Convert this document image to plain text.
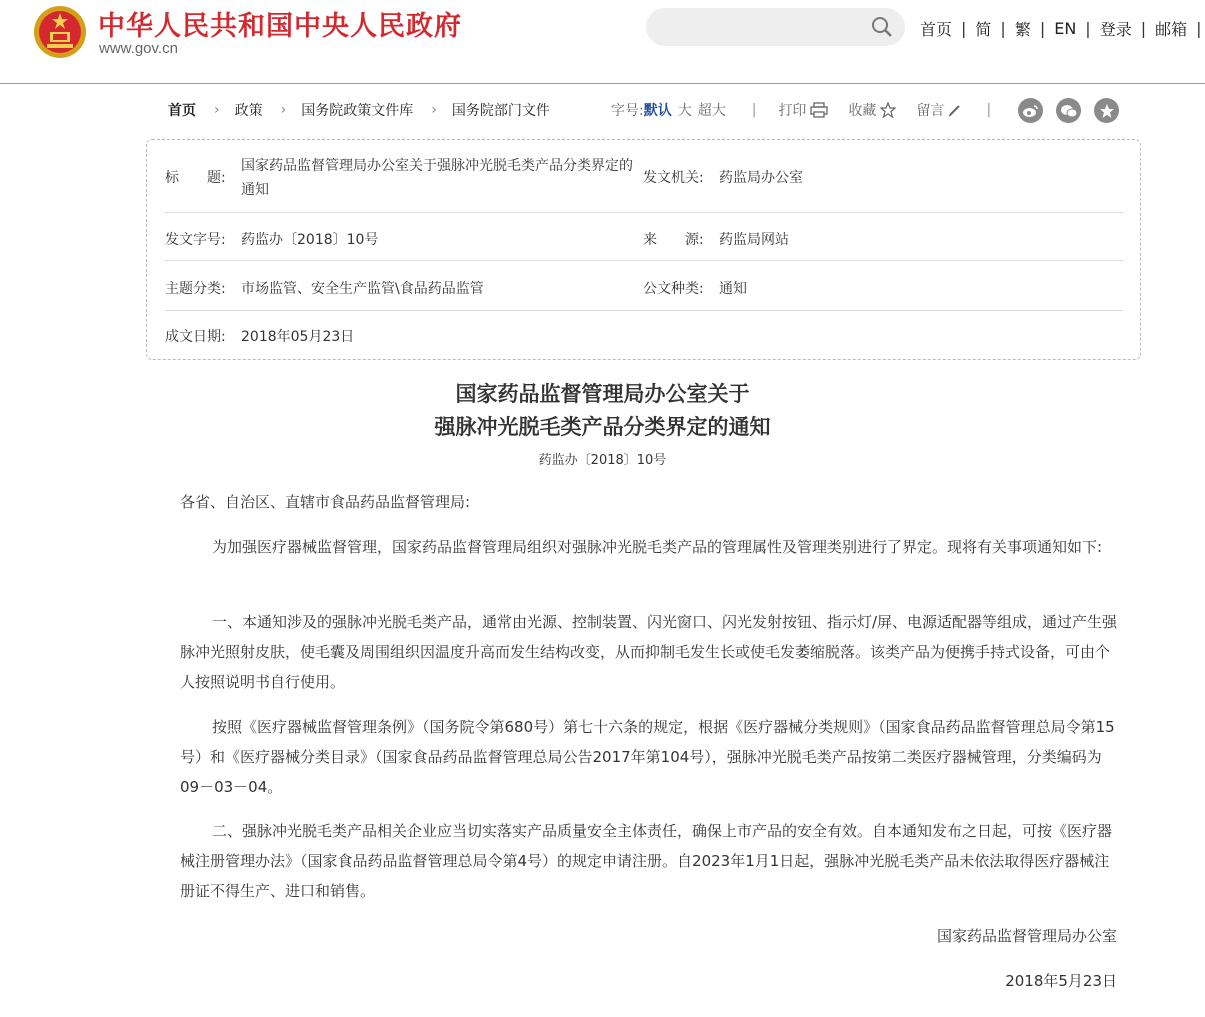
中华人民共和国中央人民政府
www.gov.cn
首页 | 简 | 繁 | EN | 登录 | 邮箱 |
首页 › 政策 › 国务院政策文件库 › 国务院部门文件	字号: 默认 大 超大 | 打印	收藏	留言	|
标　　题:
国家药品监督管理局办公室关于强脉冲光脱毛类产品分类界定的通知
发文机关: 药监局办公室
发文字号: 药监办〔2018〕10号	来　　源: 药监局网站
主题分类: 市场监管、安全生产监管\食品药品监管	公文种类: 通知
成文日期: 2018年05月23日
国家药品监督管理局办公室关于
强脉冲光脱毛类产品分类界定的通知
药监办〔2018〕10号
各省、自治区、直辖市食品药品监督管理局:
为加强医疗器械监督管理，国家药品监督管理局组织对强脉冲光脱毛类产品的管理属性及管理类别进行了界定。现将有关事项通知如下:
一、本通知涉及的强脉冲光脱毛类产品，通常由光源、控制装置、闪光窗口、闪光发射按钮、指示灯/屏、电源适配器等组成，通过产生强脉冲光照射皮肤，使毛囊及周围组织因温度升高而发生结构改变，从而抑制毛发生长或使毛发萎缩脱落。该类产品为便携手持式设备，可由个人按照说明书自行使用。
按照《医疗器械监督管理条例》（国务院令第680号）第七十六条的规定，根据《医疗器械分类规则》（国家食品药品监督管理总局令第15号）和《医疗器械分类目录》（国家食品药品监督管理总局公告2017年第104号），强脉冲光脱毛类产品按第二类医疗器械管理，分类编码为09－03－04。
二、强脉冲光脱毛类产品相关企业应当切实落实产品质量安全主体责任，确保上市产品的安全有效。自本通知发布之日起，可按《医疗器械注册管理办法》（国家食品药品监督管理总局令第4号）的规定申请注册。自2023年1月1日起，强脉冲光脱毛类产品未依法取得医疗器械注册证不得生产、进口和销售。
国家药品监督管理局办公室
2018年5月23日
